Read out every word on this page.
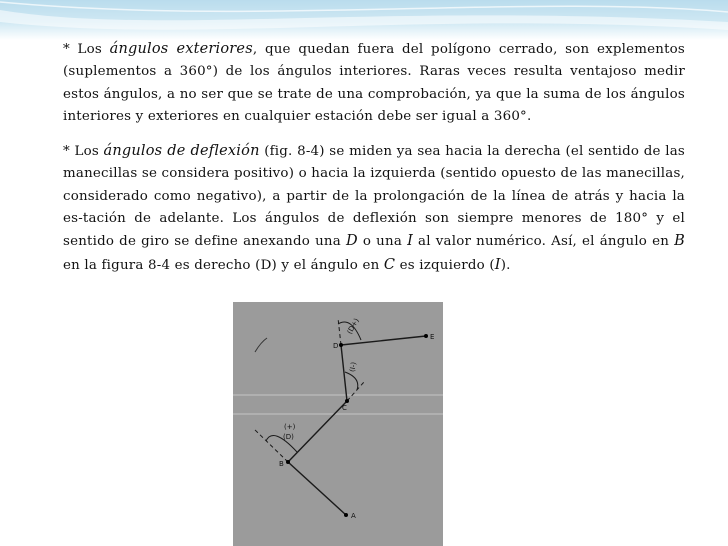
* Los ángulos exteriores, que quedan fuera del polígono cerrado, son explementos (suplementos a 360°) de los ángulos interiores. Raras veces resulta ventajoso medir estos ángulos, a no ser que se trate de una comprobación, ya que la suma de los ángulos interiores y exteriores en cualquier estación debe ser igual a 360°.

* Los ángulos de deflexión (fig. 8-4) se miden ya sea hacia la derecha (el sentido de las manecillas se considera positivo) o hacia la izquierda (sentido opuesto de las manecillas, considerado como negativo), a partir de la prolongación de la línea de atrás y hacia la es-tación de adelante. Los ángulos de deflexión son siempre menores de 180° y el sentido de giro se define anexando una D o una I al valor numérico. Así, el ángulo en B en la figura 8-4 es derecho (D) y el ángulo en C es izquierdo (I).

A
B
C
D
E
(+)
(D)
(D+)
(I-)
